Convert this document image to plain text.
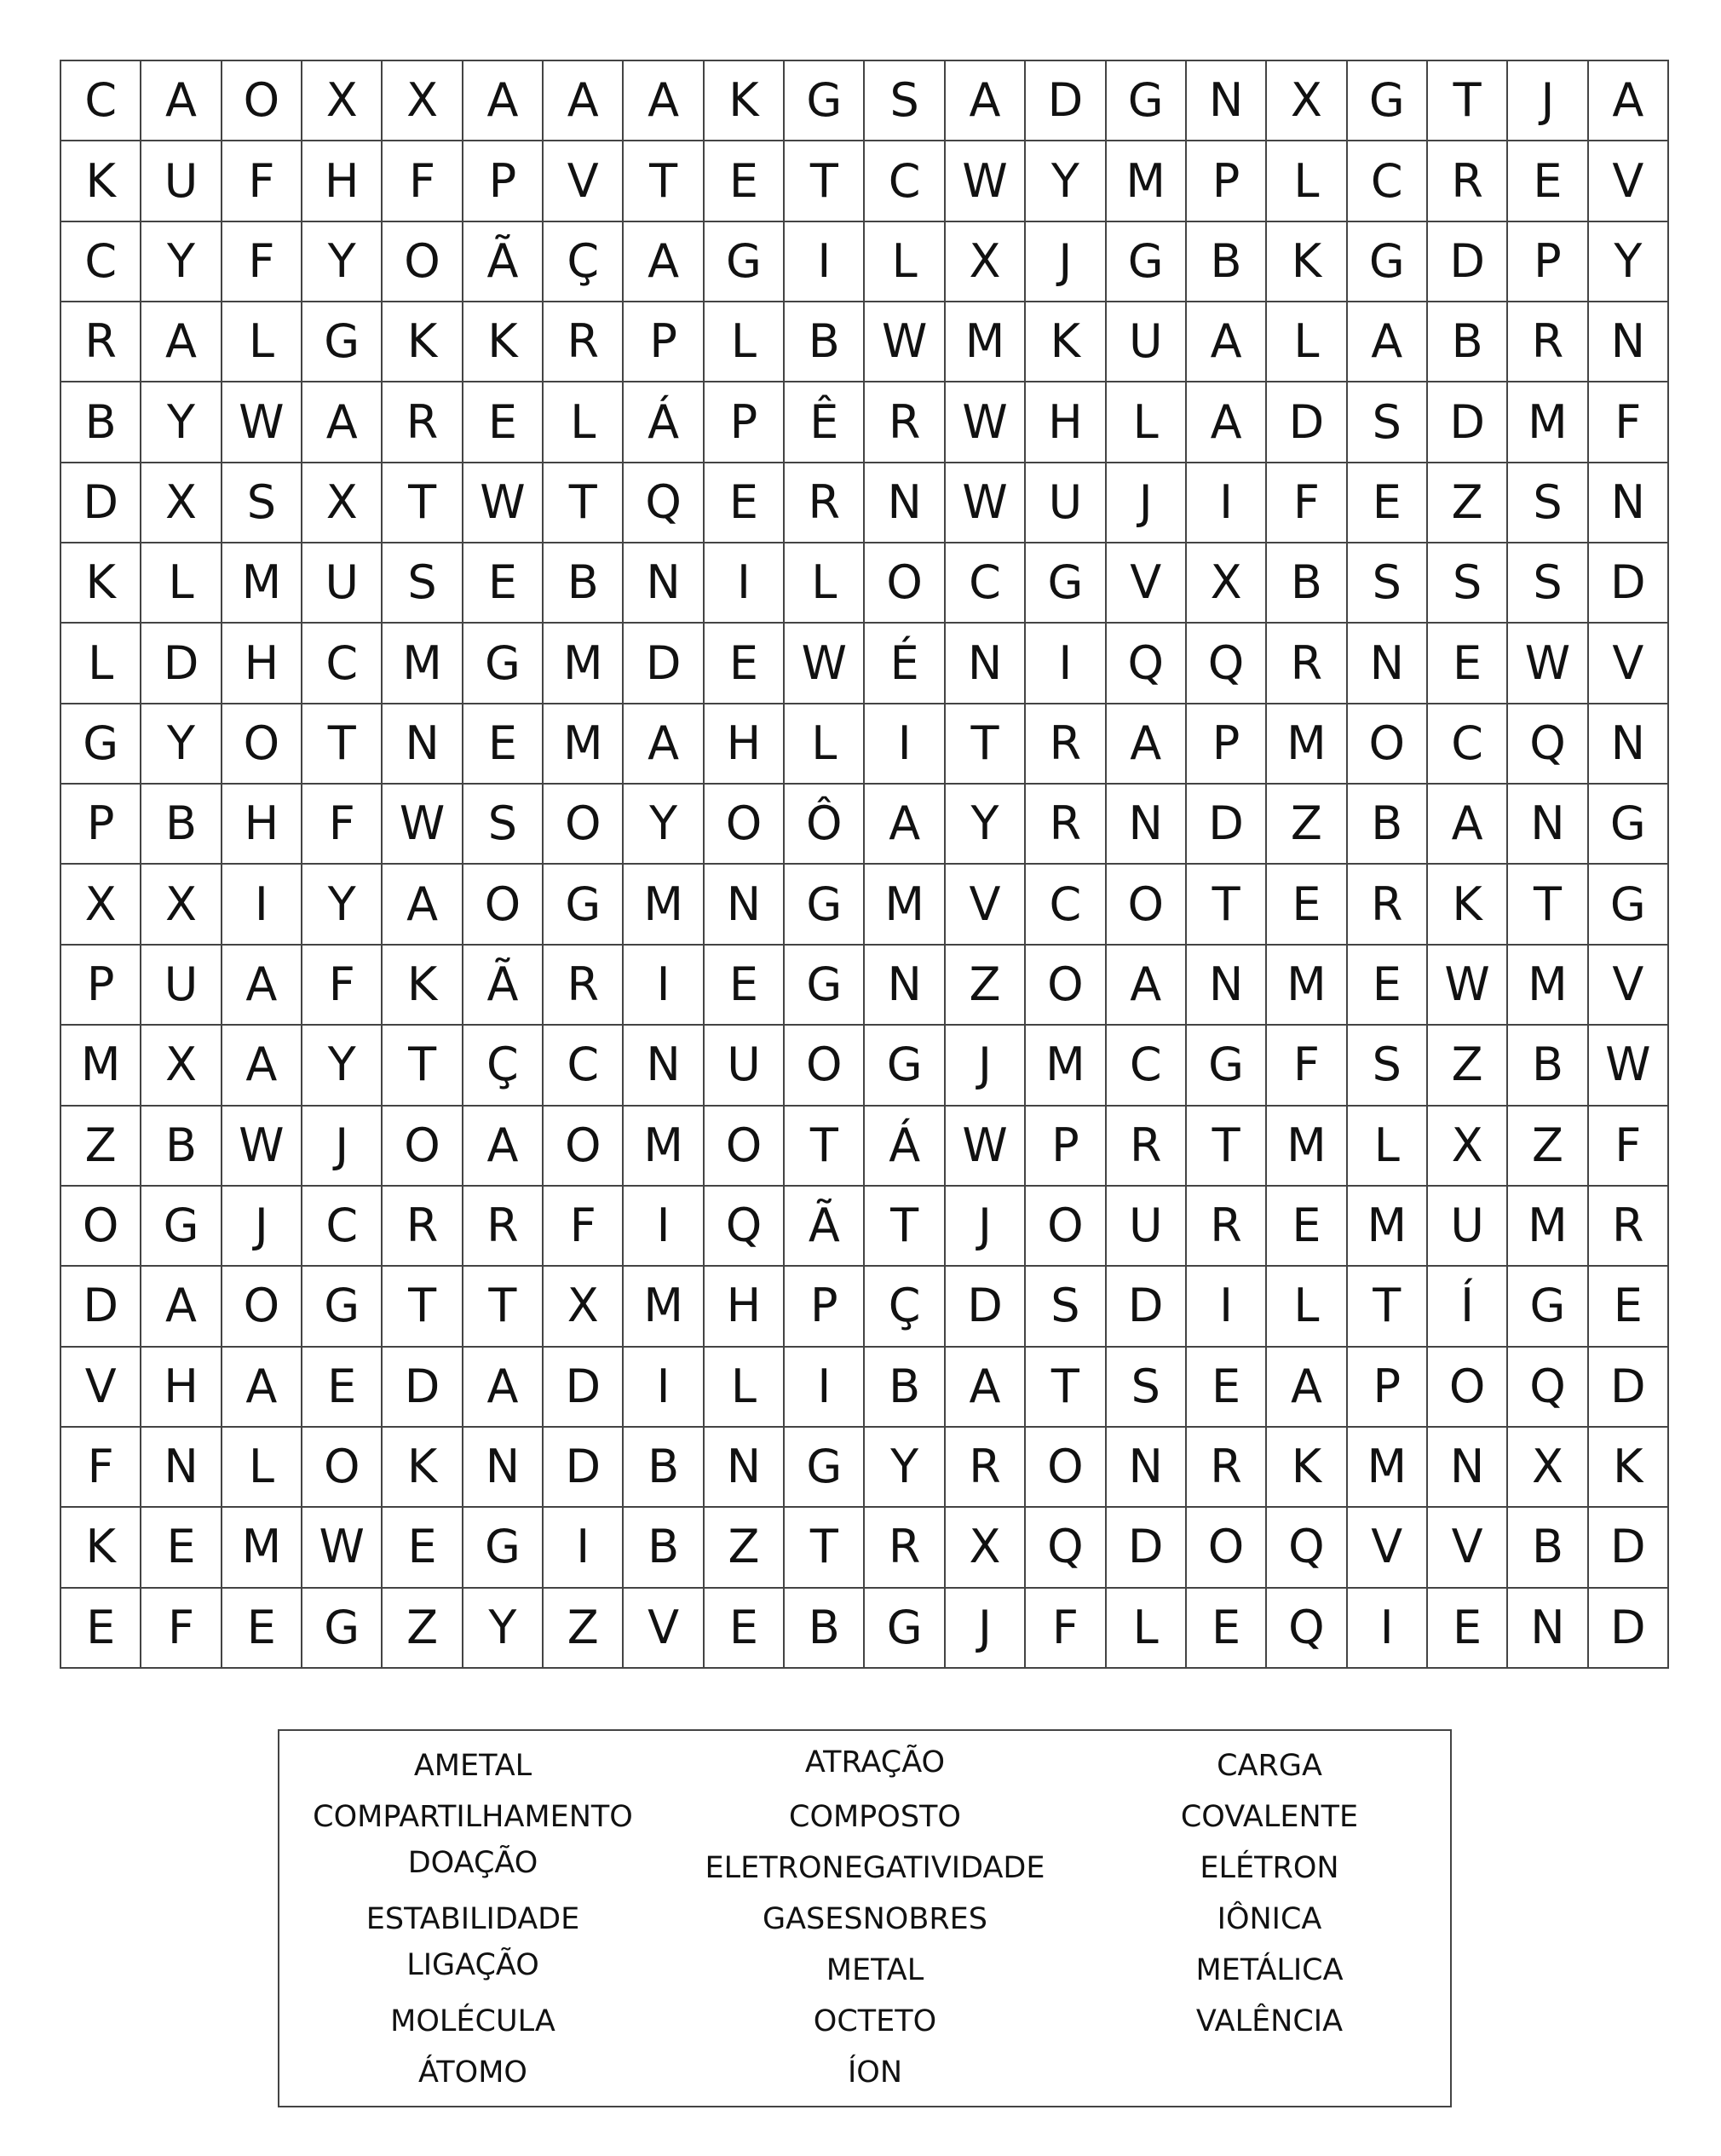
C	A	O	X	X	A	A	A	K	G	S	A	D G N	X	G	T	J	A
K	U	F	H	F	P	V	T	E	T	C W Y	M	P	L	C	R	E	V
C	Y	F	Y	O	Ã	Ç	A	G	I	L	X	J	G	B	K	G D	P	Y
R	A	L	G	K	K	R	P	L	B W M K	U	A	L	A	B	R	N
B	Y W A	R	E	L	Á	P	Ê	R W H	L	A	D	S	D M	F
D	X	S	X	T W T	Q	E	R	N W U	J	I	F	E	Z	S	N
K	L	M U	S	E	B	N	I	L	O	C	G	V	X	B	S	S	S	D
L	D H	C M G M D	E W É	N	I	Q Q	R	N	E W V
G	Y	O	T	N	E	M A	H	L	I	T	R	A	P	M O	C	Q N
P	B	H	F W S	O	Y	O Ô	A	Y	R	N D	Z	B	A	N G
X	X	I	Y	A	O G M N G M V	C	O	T	E	R	K	T	G
P	U	A	F	K	Ã	R	I	E	G N	Z	O	A	N M	E W M V
M X	A	Y	T	Ç	C	N	U O G	J	M C	G	F	S	Z	B W
Z	B W	J	O	A	O M O	T	Á W P	R	T	M	L	X	Z	F
O G	J	C	R	R	F	I	Q	Ã	T	J	O U	R	E	M U M R
D	A	O G	T	T	X M H	P	Ç	D	S	D	I	L	T	Í	G	E
V	H	A	E	D	A	D	I	L	I	B	A	T	S	E	A	P	O Q D
F	N	L	O	K	N D	B	N G	Y	R	O N	R	K M N	X	K
K	E M W E	G	I	B	Z	T	R	X	Q D O Q	V	V	B	D
E	F	E	G	Z	Y	Z	V	E	B	G	J	F	L	E	Q	I	E	N D
AMETAL	ATRAÇÃO	CARGA
COMPARTILHAMENTO	COMPOSTO	COVALENTE
DOAÇÃO	ELETRONEGATIVIDADE	ELÉTRON
ESTABILIDADE	GASESNOBRES	IÔNICA
LIGAÇÃO	METAL	METÁLICA
MOLÉCULA	OCTETO	VALÊNCIA
ÁTOMO	ÍON
